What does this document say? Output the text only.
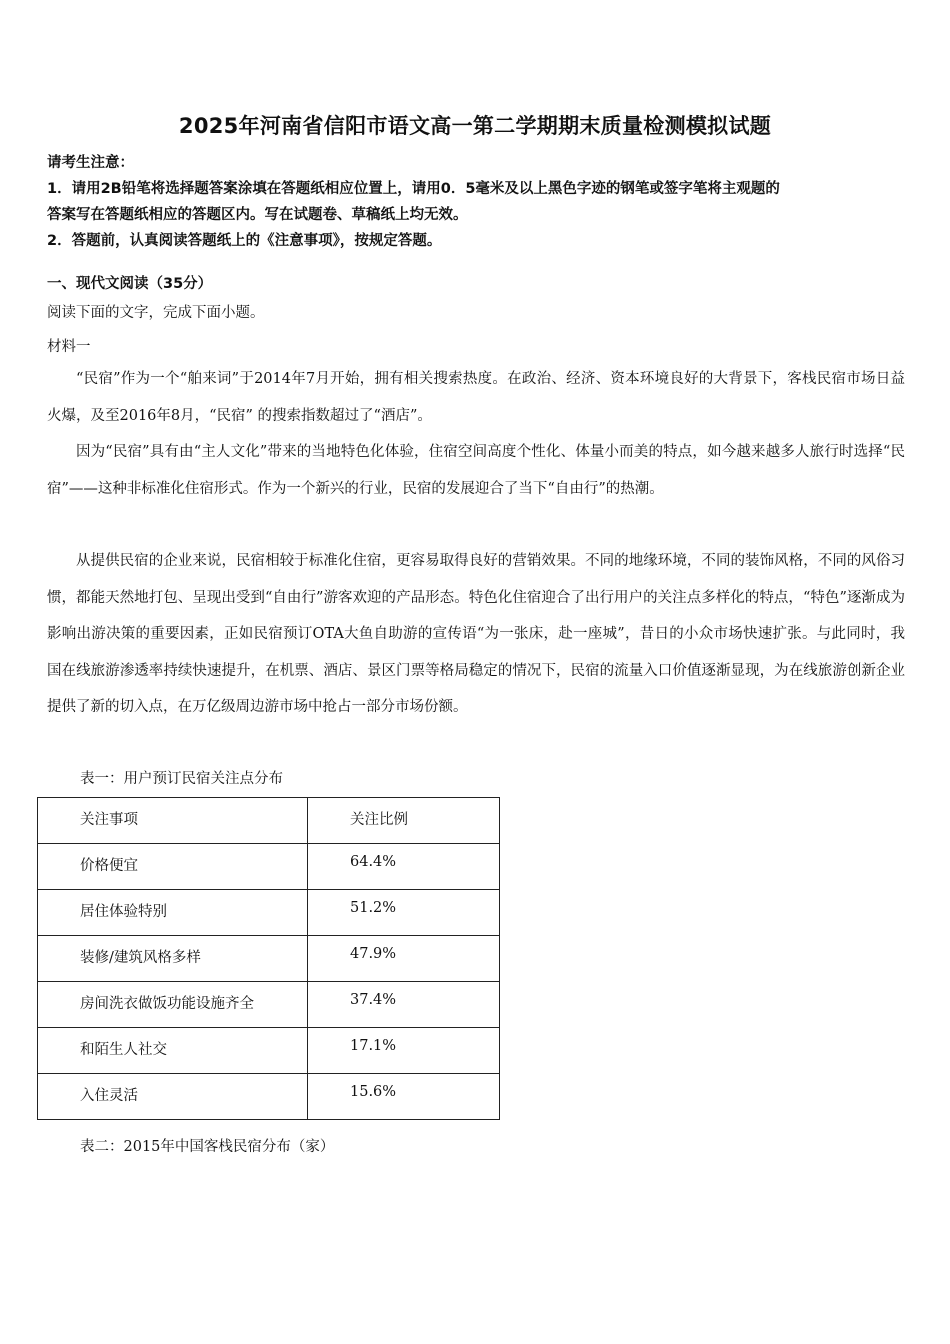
2025年河南省信阳市语文高一第二学期期末质量检测模拟试题
请考生注意：
1．请用2B铅笔将选择题答案涂填在答题纸相应位置上，请用0．5毫米及以上黑色字迹的钢笔或签字笔将主观题的
答案写在答题纸相应的答题区内。写在试题卷、草稿纸上均无效。
2．答题前，认真阅读答题纸上的《注意事项》，按规定答题。
一、现代文阅读（35分）
阅读下面的文字，完成下面小题。
材料一
“民宿”作为一个“舶来词”于2014年7月开始，拥有相关搜索热度。在政治、经济、资本环境良好的大背景下，客栈民宿市场日益火爆，及至2016年8月，“民宿” 的搜索指数超过了“酒店”。
因为“民宿”具有由“主人文化”带来的当地特色化体验，住宿空间高度个性化、体量小而美的特点，如今越来越多人旅行时选择“民宿”——这种非标准化住宿形式。作为一个新兴的行业，民宿的发展迎合了当下“自由行”的热潮。
从提供民宿的企业来说，民宿相较于标准化住宿，更容易取得良好的营销效果。不同的地缘环境，不同的装饰风格，不同的风俗习惯，都能天然地打包、呈现出受到“自由行”游客欢迎的产品形态。特色化住宿迎合了出行用户的关注点多样化的特点，“特色”逐渐成为影响出游决策的重要因素，正如民宿预订OTA大鱼自助游的宣传语“为一张床，赴一座城”，昔日的小众市场快速扩张。与此同时，我国在线旅游渗透率持续快速提升，在机票、酒店、景区门票等格局稳定的情况下，民宿的流量入口价值逐渐显现，为在线旅游创新企业提供了新的切入点，在万亿级周边游市场中抢占一部分市场份额。
表一：用户预订民宿关注点分布
关注事项	关注比例
价格便宜	64.4%
居住体验特别	51.2%
装修/建筑风格多样	47.9%
房间洗衣做饭功能设施齐全	37.4%
和陌生人社交	17.1%
入住灵活	15.6%
表二：2015年中国客栈民宿分布（家）
